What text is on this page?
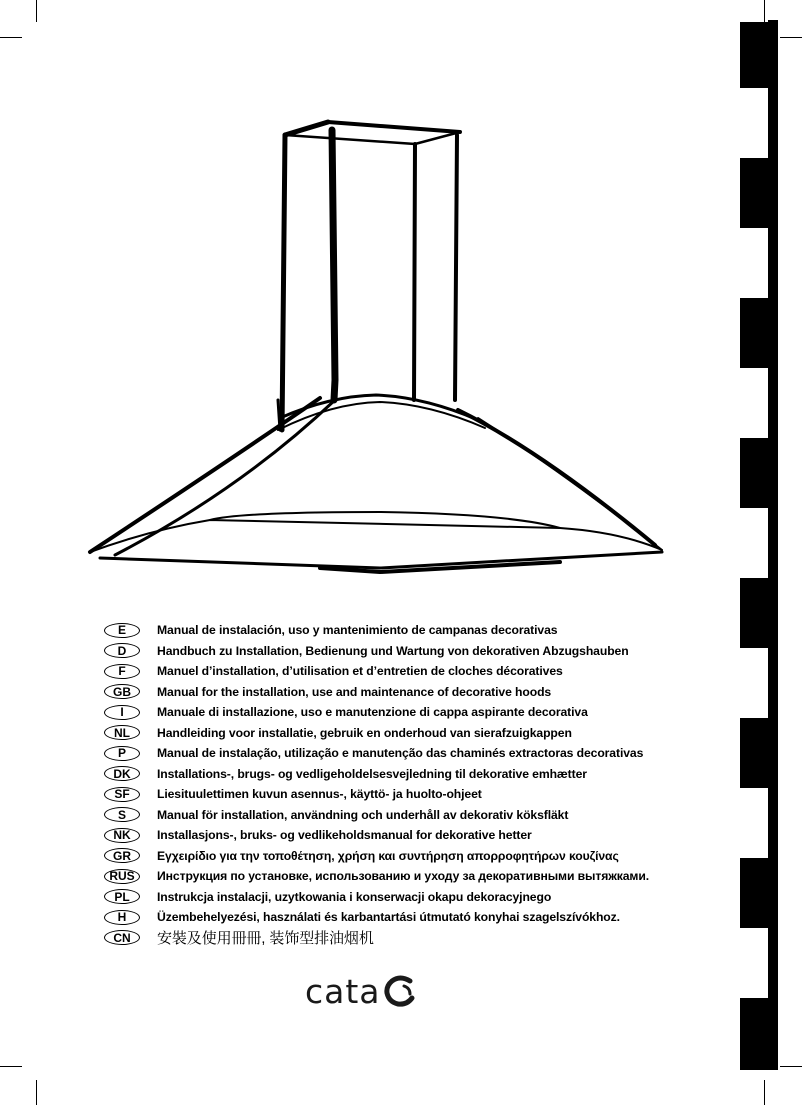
E	Manual de instalación, uso y mantenimiento de campanas decorativas
D	Handbuch zu Installation, Bedienung und Wartung von dekorativen Abzugshauben
F	Manuel d’installation, d’utilisation et d’entretien de cloches décoratives
GB	Manual for the installation, use and maintenance of decorative hoods
I	Manuale di installazione, uso e manutenzione di cappa aspirante decorativa
NL	Handleiding voor installatie, gebruik en onderhoud van sierafzuigkappen
P	Manual de instalação, utilização e manutenção das chaminés extractoras decorativas
DK	Installations-, brugs- og vedligeholdelsesvejledning til dekorative emhætter
SF	Liesituulettimen kuvun asennus-, käyttö- ja huolto-ohjeet
S	Manual för installation, användning och underhåll av dekorativ köksfläkt
NK	Installasjons-, bruks- og vedlikeholdsmanual for dekorative hetter
GR	Εγχειρίδιο για την τοποθέτηση, χρήση και συντήρηση απορροφητήρων κουζίνας
RUS	Инструкция по установке, использованию и уходу за декоративными вытяжками.
PL	Instrukcja instalacji, uzytkowania i konserwacji okapu dekoracyjnego
H	Üzembehelyezési, használati és karbantartási útmutató konyhai szagelszívókhoz.
CN	安裝及使用冊冊, 装饰型排油烟机
cata
